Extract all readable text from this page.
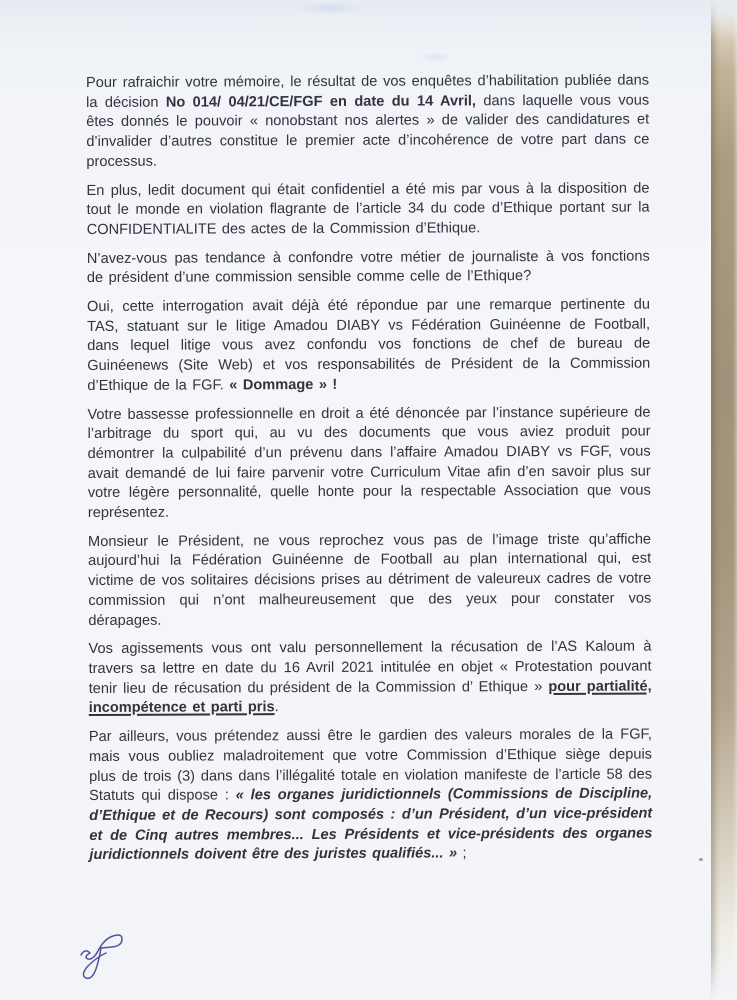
Pour rafraichir votre mémoire, le résultat de vos enquêtes d’habilitation publiée dans la décision No 014/ 04/21/CE/FGF en date du 14 Avril, dans laquelle vous vous êtes donnés le pouvoir « nonobstant nos alertes » de valider des candidatures et d’invalider d’autres constitue le premier acte d’incohérence de votre part dans ce processus.

En plus, ledit document qui était confidentiel a été mis par vous à la disposition de tout le monde en violation flagrante de l’article 34 du code d’Ethique portant sur la CONFIDENTIALITE des actes de la Commission d’Ethique.

N’avez-vous pas tendance à confondre votre métier de journaliste à vos fonctions de président d’une commission sensible comme celle de l’Ethique?

Oui, cette interrogation avait déjà été répondue par une remarque pertinente du TAS, statuant sur le litige Amadou DIABY vs Fédération Guinéenne de Football, dans lequel litige vous avez confondu vos fonctions de chef de bureau de Guinéenews (Site Web) et vos responsabilités de Président de la Commission d’Ethique de la FGF. « Dommage » !

Votre bassesse professionnelle en droit a été dénoncée par l’instance supérieure de l’arbitrage du sport qui, au vu des documents que vous aviez produit pour démontrer la culpabilité d’un prévenu dans l’affaire Amadou DIABY vs FGF, vous avait demandé de lui faire parvenir votre Curriculum Vitae afin d’en savoir plus sur votre légère personnalité, quelle honte pour la respectable Association que vous représentez.

Monsieur le Président, ne vous reprochez vous pas de l’image triste qu’affiche aujourd’hui la Fédération Guinéenne de Football au plan international qui, est victime de vos solitaires décisions prises au détriment de valeureux cadres de votre commission qui n’ont malheureusement que des yeux pour constater vos dérapages.

Vos agissements vous ont valu personnellement la récusation de l’AS Kaloum à travers sa lettre en date du 16 Avril 2021 intitulée en objet « Protestation pouvant tenir lieu de récusation du président de la Commission d’ Ethique » pour partialité, incompétence et parti pris.

Par ailleurs, vous prétendez aussi être le gardien des valeurs morales de la FGF, mais vous oubliez maladroitement que votre Commission d’Ethique siège depuis plus de trois (3) dans dans l’illégalité totale en violation manifeste de l’article 58 des Statuts qui dispose : « les organes juridictionnels (Commissions de Discipline, d’Ethique et de Recours) sont composés : d’un Président, d’un vice-président et de Cinq autres membres... Les Présidents et vice-présidents des organes juridictionnels doivent être des juristes qualifiés... » ;
